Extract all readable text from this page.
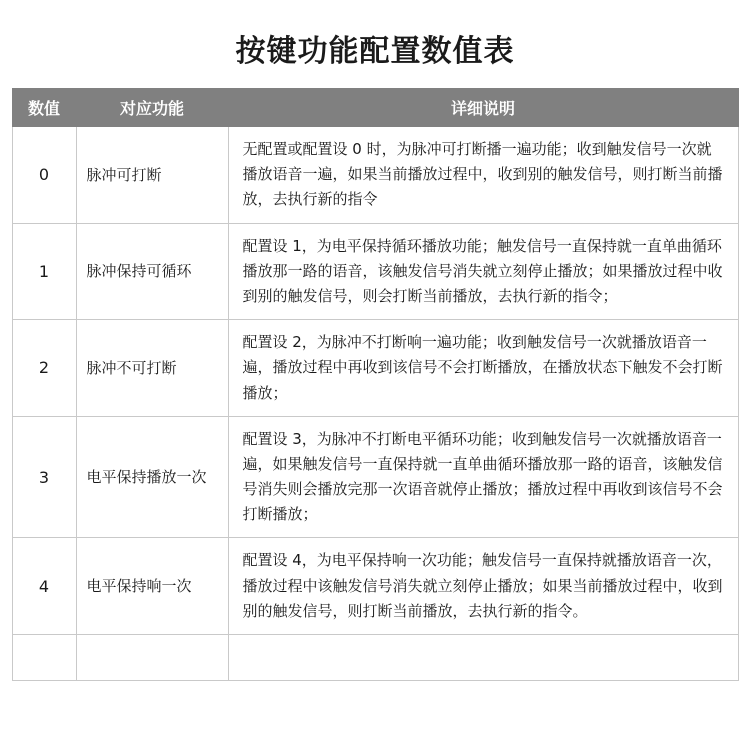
按键功能配置数值表
数值	对应功能	详细说明
0	脉冲可打断	无配置或配置设 0 时，为脉冲可打断播一遍功能；收到触发信号一次就播放语音一遍，如果当前播放过程中，收到别的触发信号，则打断当前播放，去执行新的指令
1	脉冲保持可循环	配置设 1，为电平保持循环播放功能；触发信号一直保持就一直单曲循环播放那一路的语音，该触发信号消失就立刻停止播放；如果播放过程中收到别的触发信号，则会打断当前播放，去执行新的指令；
2	脉冲不可打断	配置设 2，为脉冲不打断响一遍功能；收到触发信号一次就播放语音一遍，播放过程中再收到该信号不会打断播放，在播放状态下触发不会打断播放；
3	电平保持播放一次	配置设 3，为脉冲不打断电平循环功能；收到触发信号一次就播放语音一遍，如果触发信号一直保持就一直单曲循环播放那一路的语音，该触发信号消失则会播放完那一次语音就停止播放；播放过程中再收到该信号不会打断播放；
4	电平保持响一次	配置设 4，为电平保持响一次功能；触发信号一直保持就播放语音一次，播放过程中该触发信号消失就立刻停止播放；如果当前播放过程中，收到别的触发信号，则打断当前播放，去执行新的指令。
